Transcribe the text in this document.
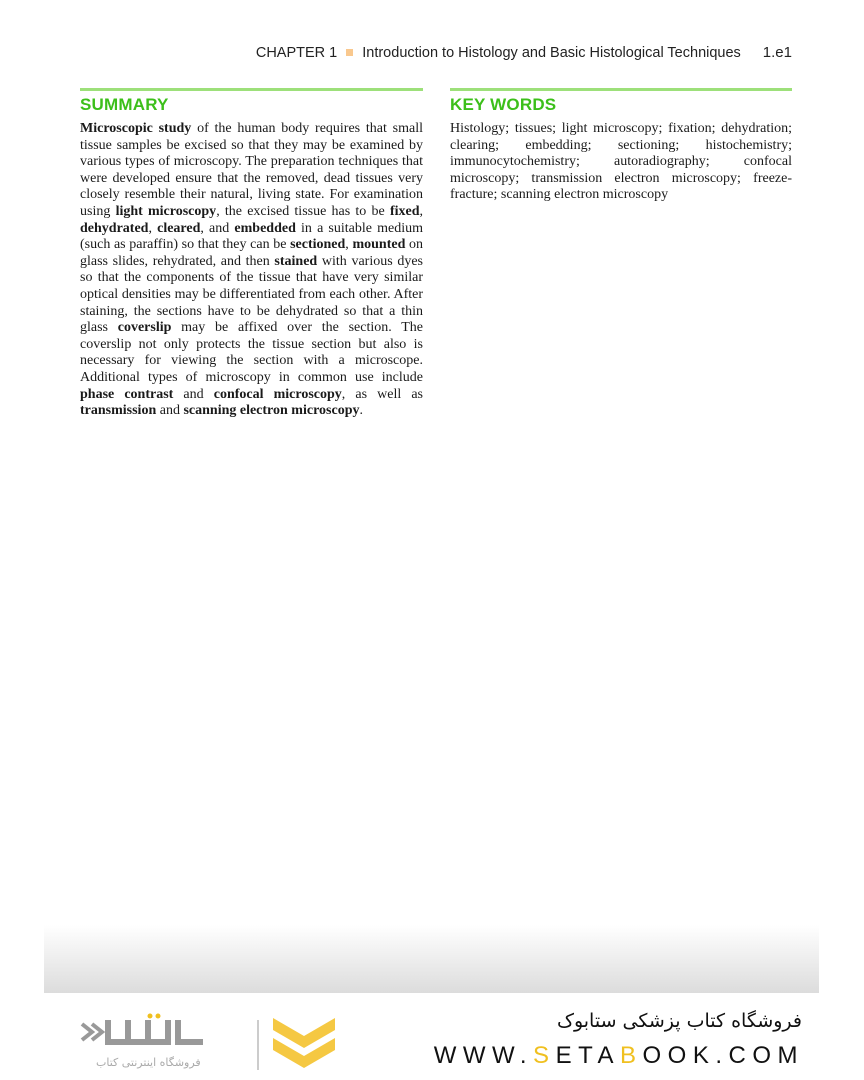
CHAPTER 1 Introduction to Histology and Basic Histological Techniques 1.e1
SUMMARY

Microscopic study of the human body requires that small tissue samples be excised so that they may be examined by various types of microscopy. The preparation techniques that were developed ensure that the removed, dead tissues very closely resemble their natural, living state. For examination using light microscopy, the excised tissue has to be fixed, dehydrated, cleared, and embedded in a suitable medium (such as paraffin) so that they can be sectioned, mounted on glass slides, rehydrated, and then stained with various dyes so that the components of the tissue that have very similar optical densities may be differentiated from each other. After staining, the sections have to be dehydrated so that a thin glass coverslip may be affixed over the section. The coverslip not only protects the tissue section but also is necessary for viewing the section with a microscope. Additional types of microscopy in common use include phase contrast and confocal microscopy, as well as transmission and scanning electron microscopy.

KEY WORDS

Histology; tissues; light microscopy; fixation; dehydration; clearing; embedding; sectioning; histochemistry; immunocytochemistry; autoradiography; confocal microscopy; transmission electron microscopy; freeze-fracture; scanning electron microscopy

فروشگاه اینترنتی کتاب
فروشگاه کتاب پزشکی ستابوک
WWW.SETABOOK.COM
